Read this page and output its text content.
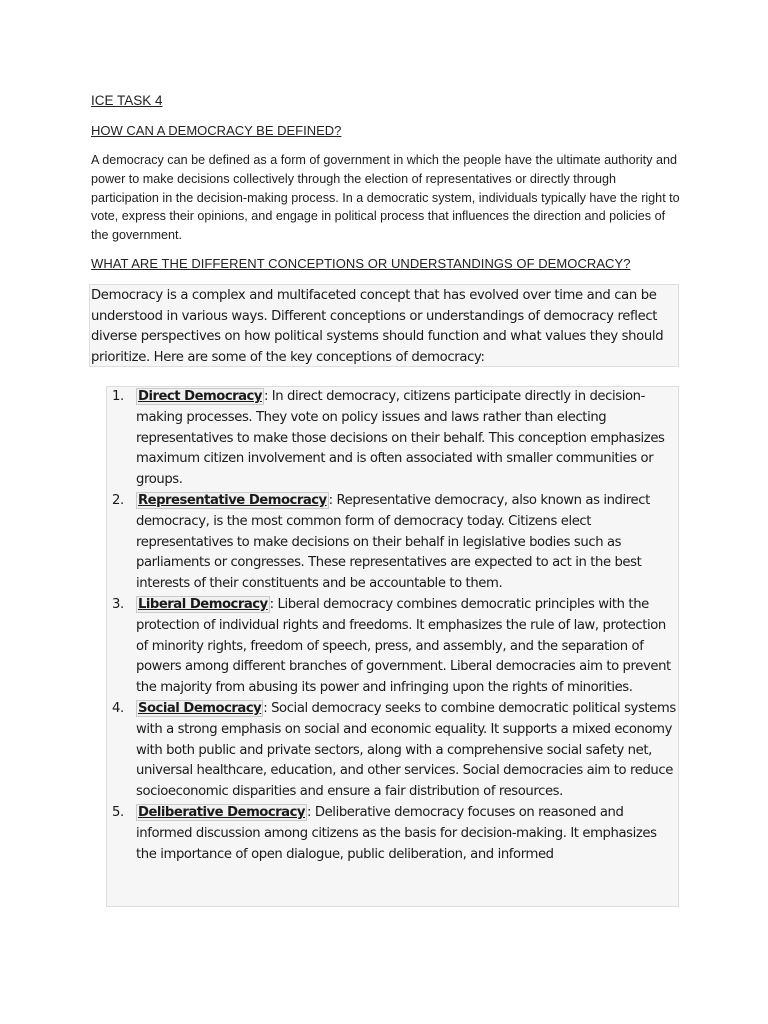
ICE TASK 4
HOW CAN A DEMOCRACY BE DEFINED?

A democracy can be defined as a form of government in which the people have the ultimate authority and power to make decisions collectively through the election of representatives or directly through participation in the decision-making process. In a democratic system, individuals typically have the right to vote, express their opinions, and engage in political process that influences the direction and policies of the government.

WHAT ARE THE DIFFERENT CONCEPTIONS OR UNDERSTANDINGS OF DEMOCRACY?

Democracy is a complex and multifaceted concept that has evolved over time and can be understood in various ways. Different conceptions or understandings of democracy reflect diverse perspectives on how political systems should function and what values they should prioritize. Here are some of the key conceptions of democracy:

1. Direct Democracy : In direct democracy, citizens participate directly in decision-making processes. They vote on policy issues and laws rather than electing representatives to make those decisions on their behalf. This conception emphasizes maximum citizen involvement and is often associated with smaller communities or groups.
2. Representative Democracy : Representative democracy, also known as indirect democracy, is the most common form of democracy today. Citizens elect representatives to make decisions on their behalf in legislative bodies such as parliaments or congresses. These representatives are expected to act in the best interests of their constituents and be accountable to them.
3. Liberal Democracy : Liberal democracy combines democratic principles with the protection of individual rights and freedoms. It emphasizes the rule of law, protection of minority rights, freedom of speech, press, and assembly, and the separation of powers among different branches of government. Liberal democracies aim to prevent the majority from abusing its power and infringing upon the rights of minorities.
4. Social Democracy : Social democracy seeks to combine democratic political systems with a strong emphasis on social and economic equality. It supports a mixed economy with both public and private sectors, along with a comprehensive social safety net, universal healthcare, education, and other services. Social democracies aim to reduce socioeconomic disparities and ensure a fair distribution of resources.
5. Deliberative Democracy : Deliberative democracy focuses on reasoned and informed discussion among citizens as the basis for decision-making. It emphasizes the importance of open dialogue, public deliberation, and informed
